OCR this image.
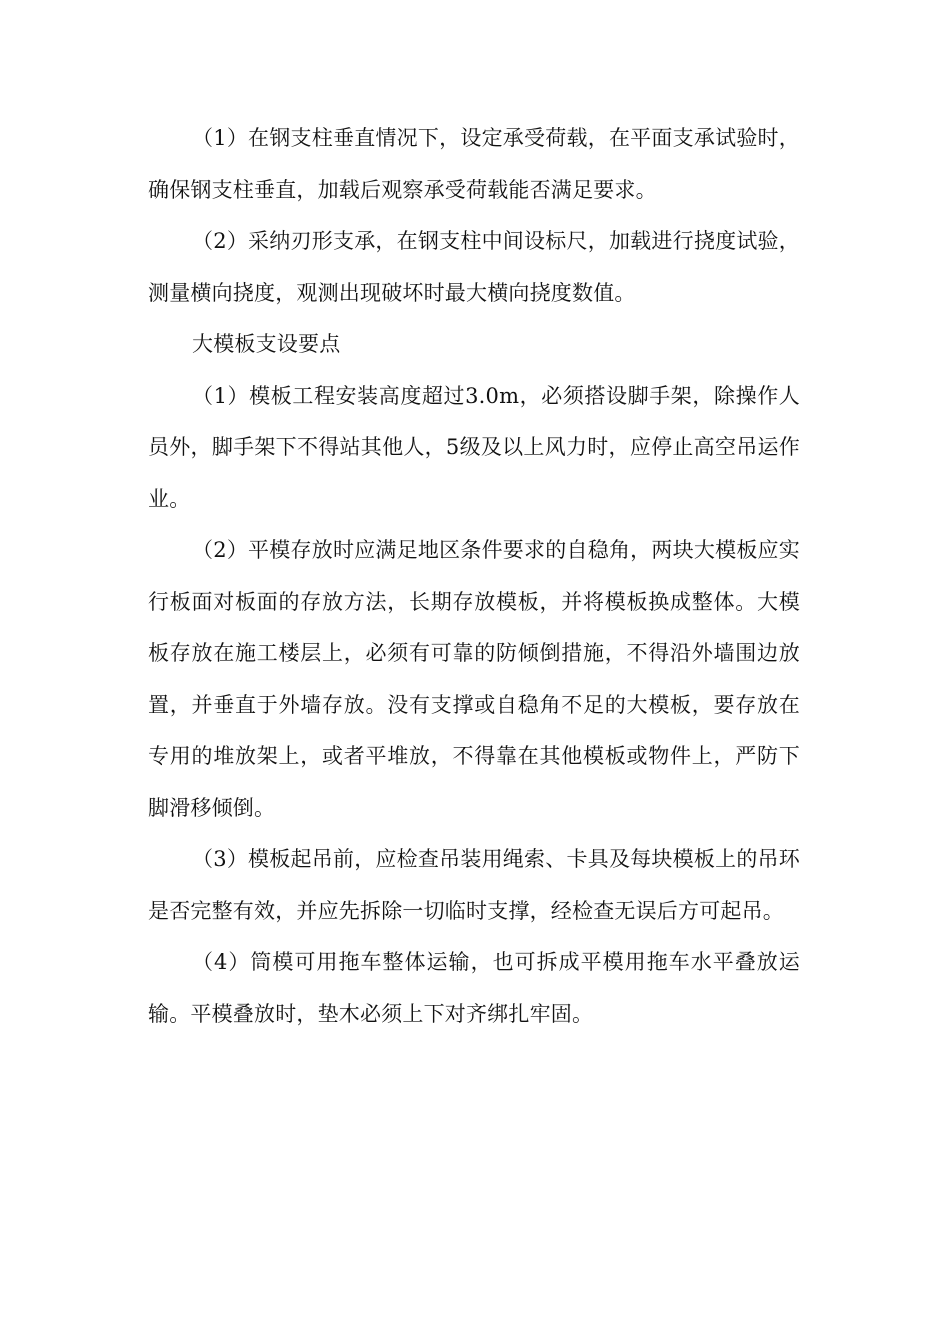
（1）在钢支柱垂直情况下，设定承受荷载，在平面支承试验时，确保钢支柱垂直，加载后观察承受荷载能否满足要求。

（2）采纳刃形支承，在钢支柱中间设标尺，加载进行挠度试验，测量横向挠度，观测出现破坏时最大横向挠度数值。

大模板支设要点

（1）模板工程安装高度超过3.0m，必须搭设脚手架，除操作人员外，脚手架下不得站其他人，5级及以上风力时，应停止高空吊运作业。

（2）平模存放时应满足地区条件要求的自稳角，两块大模板应实行板面对板面的存放方法，长期存放模板，并将模板换成整体。大模板存放在施工楼层上，必须有可靠的防倾倒措施，不得沿外墙围边放置，并垂直于外墙存放。没有支撑或自稳角不足的大模板，要存放在专用的堆放架上，或者平堆放，不得靠在其他模板或物件上，严防下脚滑移倾倒。

（3）模板起吊前，应检查吊装用绳索、卡具及每块模板上的吊环是否完整有效，并应先拆除一切临时支撑，经检查无误后方可起吊。

（4）筒模可用拖车整体运输，也可拆成平模用拖车水平叠放运输。平模叠放时，垫木必须上下对齐绑扎牢固。
